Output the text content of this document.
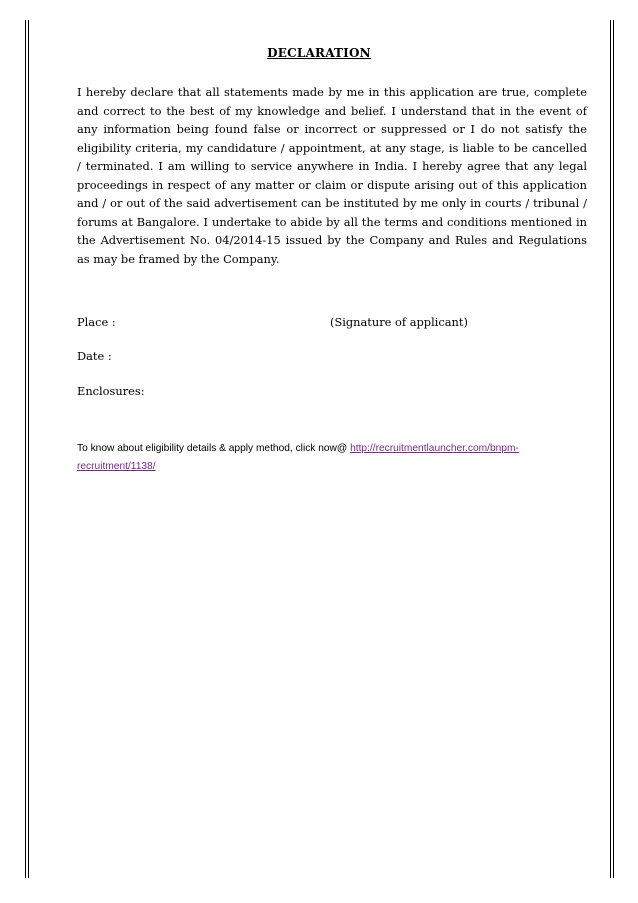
DECLARATION
I hereby declare that all statements made by me in this application are true, complete and correct to the best of my knowledge and belief. I understand that in the event of any information being found false or incorrect or suppressed or I do not satisfy the eligibility criteria, my candidature / appointment, at any stage, is liable to be cancelled / terminated. I am willing to service anywhere in India. I hereby agree that any legal proceedings in respect of any matter or claim or dispute arising out of this application and / or out of the said advertisement can be instituted by me only in courts / tribunal / forums at Bangalore. I undertake to abide by all the terms and conditions mentioned in the Advertisement No. 04/2014-15 issued by the Company and Rules and Regulations as may be framed by the Company.
Place :	(Signature of applicant)
Date :
Enclosures:
To know about eligibility details & apply method, click now@ http://recruitmentlauncher.com/bnpm-recruitment/1138/
